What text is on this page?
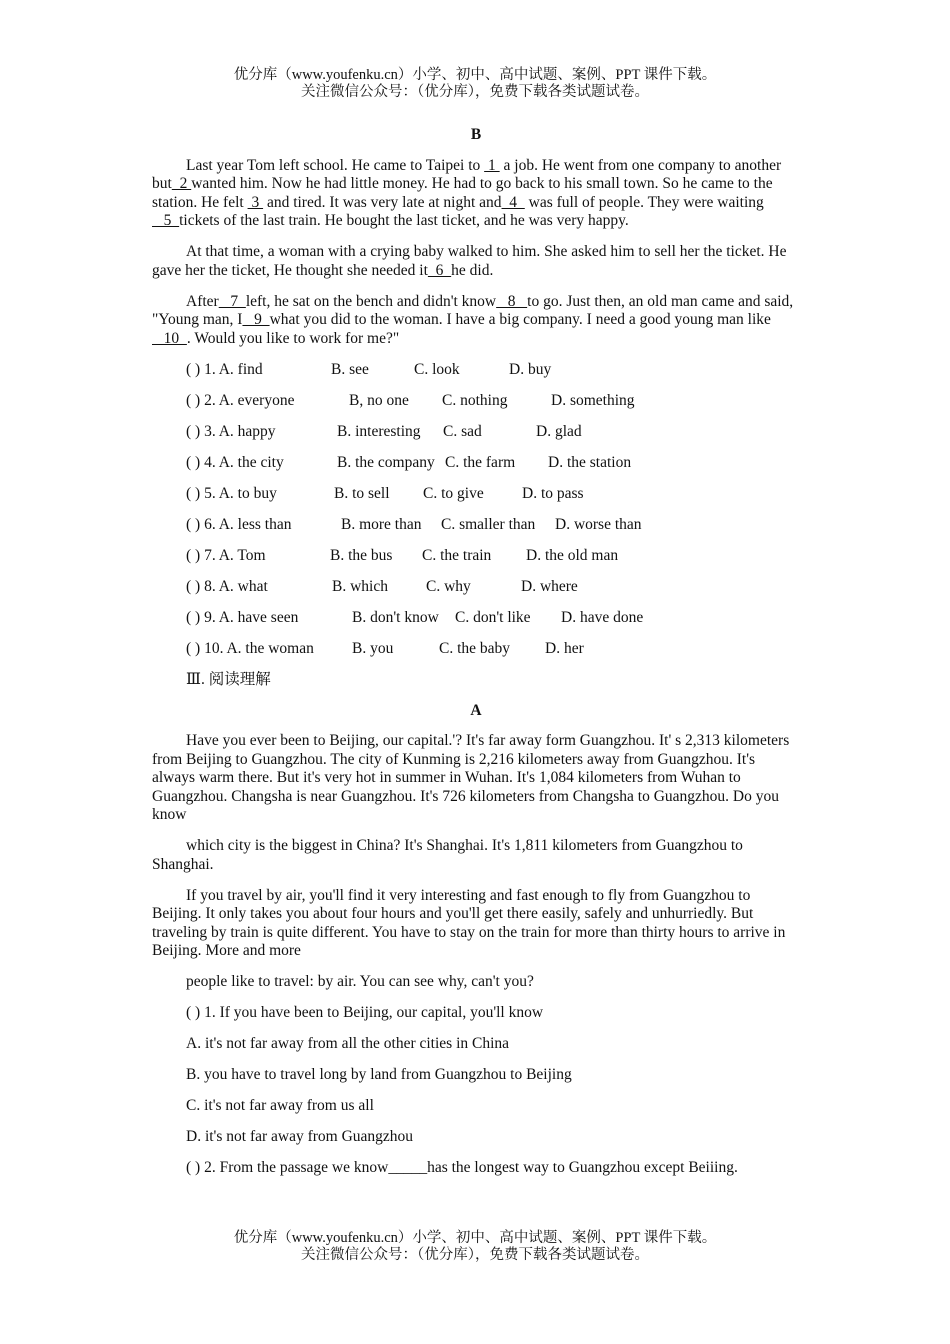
优分库（www.youfenku.cn）小学、初中、高中试题、案例、PPT 课件下载。
关注微信公众号：（优分库），免费下载各类试题试卷。
B

Last year Tom left school. He came to Taipei to  1  a job. He went from one company to another but  2 wanted him. Now he had little money. He had to go back to his small town. So he came to the station. He felt  3  and tired. It was very late at night and  4   was full of people. They were waiting   5  tickets of the last train. He bought the last ticket, and he was very happy.

At that time, a woman with a crying baby walked to him. She asked him to sell her the ticket. He gave her the ticket, He thought she needed it  6  he did.

After   7  left, he sat on the bench and didn't know   8   to go. Just then, an old man came and said, "Young man, I   9  what you did to the woman. I have a big company. I need a good young man like   10  . Would you like to work for me?"

( ) 1. A. find	B. see	C. look	D. buy
( ) 2. A. everyone	B, no one C. nothing	D. something
( ) 3. A. happy	B. interesting C. sad	D. glad
( ) 4. A. the city	B. the company C. the farm D. the station
( ) 5. A. to buy	B. to sell C. to give D. to pass
( ) 6. A. less than	B. more than C. smaller than D. worse than
( ) 7. A. Tom	B. the bus C. the train D. the old man
( ) 8. A. what	B. which C. why	D. where
( ) 9. A. have seen	B. don't know C. don't like D. have done
( ) 10. A. the woman B. you	C. the baby D. her
Ⅲ. 阅读理解
A

Have you ever been to Beijing, our capital.'? It's far away form Guangzhou. It' s 2,313 kilometers from Beijing to Guangzhou. The city of Kunming is 2,216 kilometers away from Guangzhou. It's always warm there. But it's very hot in summer in Wuhan. It's 1,084 kilometers from Wuhan to Guangzhou. Changsha is near Guangzhou. It's 726 kilometers from Changsha to Guangzhou. Do you know

which city is the biggest in China? It's Shanghai. It's 1,811 kilometers from Guangzhou to Shanghai.

If you travel by air, you'll find it very interesting and fast enough to fly from Guangzhou to Beijing. It only takes you about four hours and you'll get there easily, safely and unhurriedly. But traveling by train is quite different. You have to stay on the train for more than thirty hours to arrive in Beijing. More and more

people like to travel: by air. You can see why, can't you?

( ) 1. If you have been to Beijing, our capital, you'll know

A. it's not far away from all the other cities in China

B. you have to travel long by land from Guangzhou to Beijing

C. it's not far away from us all

D. it's not far away from Guangzhou

( ) 2. From the passage we know_____has the longest way to Guangzhou except Beiiing.

优分库（www.youfenku.cn）小学、初中、高中试题、案例、PPT 课件下载。
关注微信公众号：（优分库），免费下载各类试题试卷。
